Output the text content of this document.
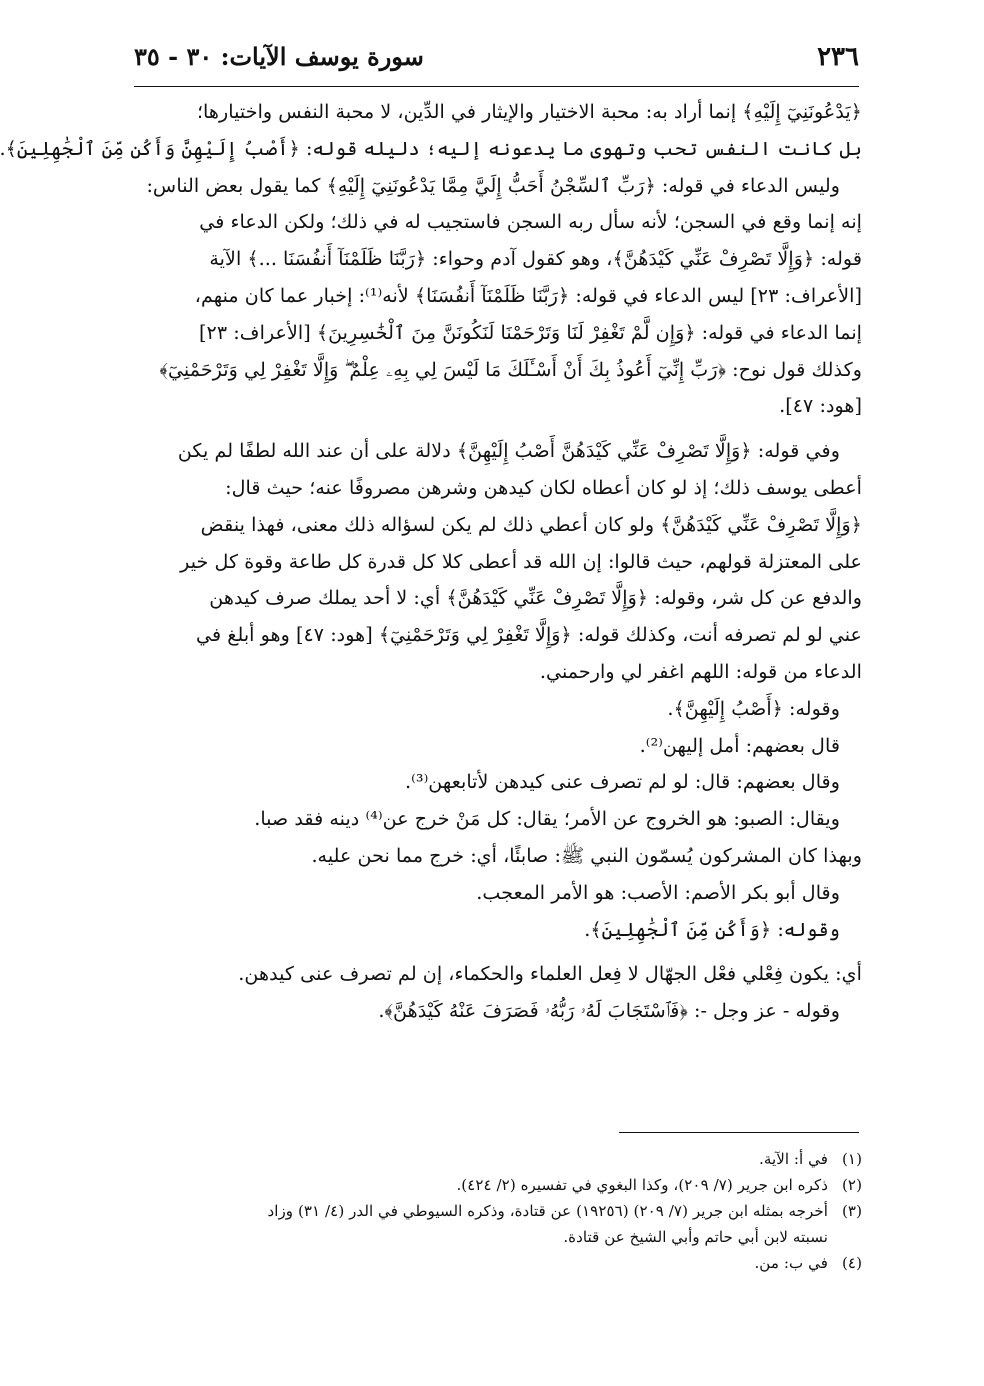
٢٣٦
سورة يوسف الآيات: ٣٠ - ٣٥

﴿يَدْعُونَنِيٓ إِلَيْهِ﴾ إنما أراد به: محبة الاختيار والإيثار في الدِّين، لا محبة النفس واختيارها؛

بل كانت النفس تحب وتهوى ما يدعونه إليه؛ دليله قوله: ﴿أَصْبُ إِلَيْهِنَّ وَأَكُن مِّنَ ٱلْجَٰهِلِينَ﴾.

وليس الدعاء في قوله: ﴿رَبِّ ٱلسِّجْنُ أَحَبُّ إِلَيَّ مِمَّا يَدْعُونَنِيٓ إِلَيْهِ﴾ كما يقول بعض الناس:

إنه إنما وقع في السجن؛ لأنه سأل ربه السجن فاستجيب له في ذلك؛ ولكن الدعاء في

قوله: ﴿وَإِلَّا تَصْرِفْ عَنِّي كَيْدَهُنَّ﴾، وهو كقول آدم وحواء: ﴿رَبَّنَا ظَلَمْنَآ أَنفُسَنَا ...﴾ الآية

[الأعراف: ٢٣] ليس الدعاء في قوله: ﴿رَبَّنَا ظَلَمْنَآ أَنفُسَنَا﴾ لأنه⁽¹⁾: إخبار عما كان منهم،

إنما الدعاء في قوله: ﴿وَإِن لَّمْ تَغْفِرْ لَنَا وَتَرْحَمْنَا لَنَكُونَنَّ مِنَ ٱلْخَٰسِرِينَ﴾ [الأعراف: ٢٣]

وكذلك قول نوح: ﴿رَبِّ إِنِّيٓ أَعُوذُ بِكَ أَنْ أَسْـَٔلَكَ مَا لَيْسَ لِي بِهِۦ عِلْمٌ ۖ وَإِلَّا تَغْفِرْ لِي وَتَرْحَمْنِيٓ﴾

[هود: ٤٧].

وفي قوله: ﴿وَإِلَّا تَصْرِفْ عَنِّي كَيْدَهُنَّ أَصْبُ إِلَيْهِنَّ﴾ دلالة على أن عند الله لطفًا لم يكن

أعطى يوسف ذلك؛ إذ لو كان أعطاه لكان كيدهن وشرهن مصروفًا عنه؛ حيث قال:

﴿وَإِلَّا تَصْرِفْ عَنِّي كَيْدَهُنَّ﴾ ولو كان أعطي ذلك لم يكن لسؤاله ذلك معنى، فهذا ينقض

على المعتزلة قولهم، حيث قالوا: إن الله قد أعطى كلا كل قدرة كل طاعة وقوة كل خير

والدفع عن كل شر، وقوله: ﴿وَإِلَّا تَصْرِفْ عَنِّي كَيْدَهُنَّ﴾ أي: لا أحد يملك صرف كيدهن

عني لو لم تصرفه أنت، وكذلك قوله: ﴿وَإِلَّا تَغْفِرْ لِي وَتَرْحَمْنِيٓ﴾ [هود: ٤٧] وهو أبلغ في

الدعاء من قوله: اللهم اغفر لي وارحمني.

وقوله: ﴿أَصْبُ إِلَيْهِنَّ﴾.

قال بعضهم: أمل إليهن⁽²⁾.

وقال بعضهم: قال: لو لم تصرف عنى كيدهن لأتابعهن⁽³⁾.

ويقال: الصبو: هو الخروج عن الأمر؛ يقال: كل مَنْ خرج عن⁽⁴⁾ دينه فقد صبا.

وبهذا كان المشركون يُسمّون النبي ﷺ: صابئًا، أي: خرج مما نحن عليه.

وقال أبو بكر الأصم: الأصب: هو الأمر المعجب.

وقوله: ﴿وَأَكُن مِّنَ ٱلْجَٰهِلِينَ﴾.

أي: يكون فِعْلي فعْل الجهّال لا فِعل العلماء والحكماء، إن لم تصرف عنى كيدهن.

وقوله - عز وجل -: ﴿فَٱسْتَجَابَ لَهُۥ رَبُّهُۥ فَصَرَفَ عَنْهُ كَيْدَهُنَّ﴾.

(١)في أ: الآية.

(٢)ذكره ابن جرير (٧/ ٢٠٩)، وكذا البغوي في تفسيره (٢/ ٤٢٤).

(٣)أخرجه بمثله ابن جرير (٧/ ٢٠٩) (١٩٢٥٦) عن قتادة، وذكره السيوطي في الدر (٤/ ٣١) وزاد

نسبته لابن أبي حاتم وأبي الشيخ عن قتادة.

(٤)في ب: من.
